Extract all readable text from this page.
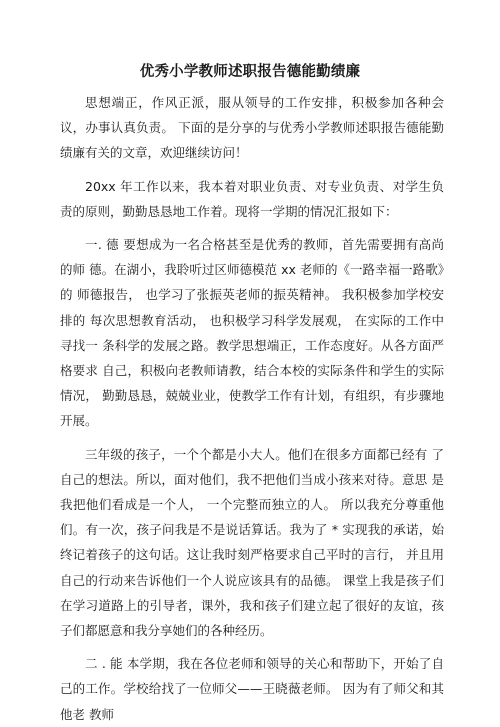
优秀小学教师述职报告德能勤绩廉

思想端正，作风正派，服从领导的工作安排，积极参加各种会 议，办事认真负责。 下面的是分享的与优秀小学教师述职报告德能勤 绩廉有关的文章，欢迎继续访问！

20xx 年工作以来，我本着对职业负责、对专业负责、对学生负 责的原则，勤勤恳恳地工作着。现将一学期的情况汇报如下：

一. 德 要想成为一名合格甚至是优秀的教师，首先需要拥有高尚的师 德。在湖小，我聆听过区师德模范 xx 老师的《一路幸福一路歌》的 师德报告， 也学习了张振英老师的振英精神。 我积极参加学校安排的 每次思想教育活动， 也积极学习科学发展观， 在实际的工作中寻找一 条科学的发展之路。教学思想端正，工作态度好。从各方面严格要求 自己，积极向老教师请教，结合本校的实际条件和学生的实际情况， 勤勤恳恳，兢兢业业，使教学工作有计划，有组织，有步骤地开展。

三年级的孩子，一个个都是小大人。他们在很多方面都已经有 了自己的想法。所以，面对他们，我不把他们当成小孩来对待。意思 是我把他们看成是一个人， 一个完整而独立的人。 所以我充分尊重他 们。有一次，孩子问我是不是说话算话。我为了 * 实现我的承诺，始 终记着孩子的这句话。这让我时刻严格要求自己平时的言行， 并且用 自己的行动来告诉他们一个人说应该具有的品德。 课堂上我是孩子们 在学习道路上的引导者，课外，我和孩子们建立起了很好的友谊，孩 子们都愿意和我分享她们的各种经历。

二 . 能 本学期，我在各位老师和领导的关心和帮助下，开始了自己的工作。学校给找了一位师父——王晓薇老师。 因为有了师父和其他老 教师
